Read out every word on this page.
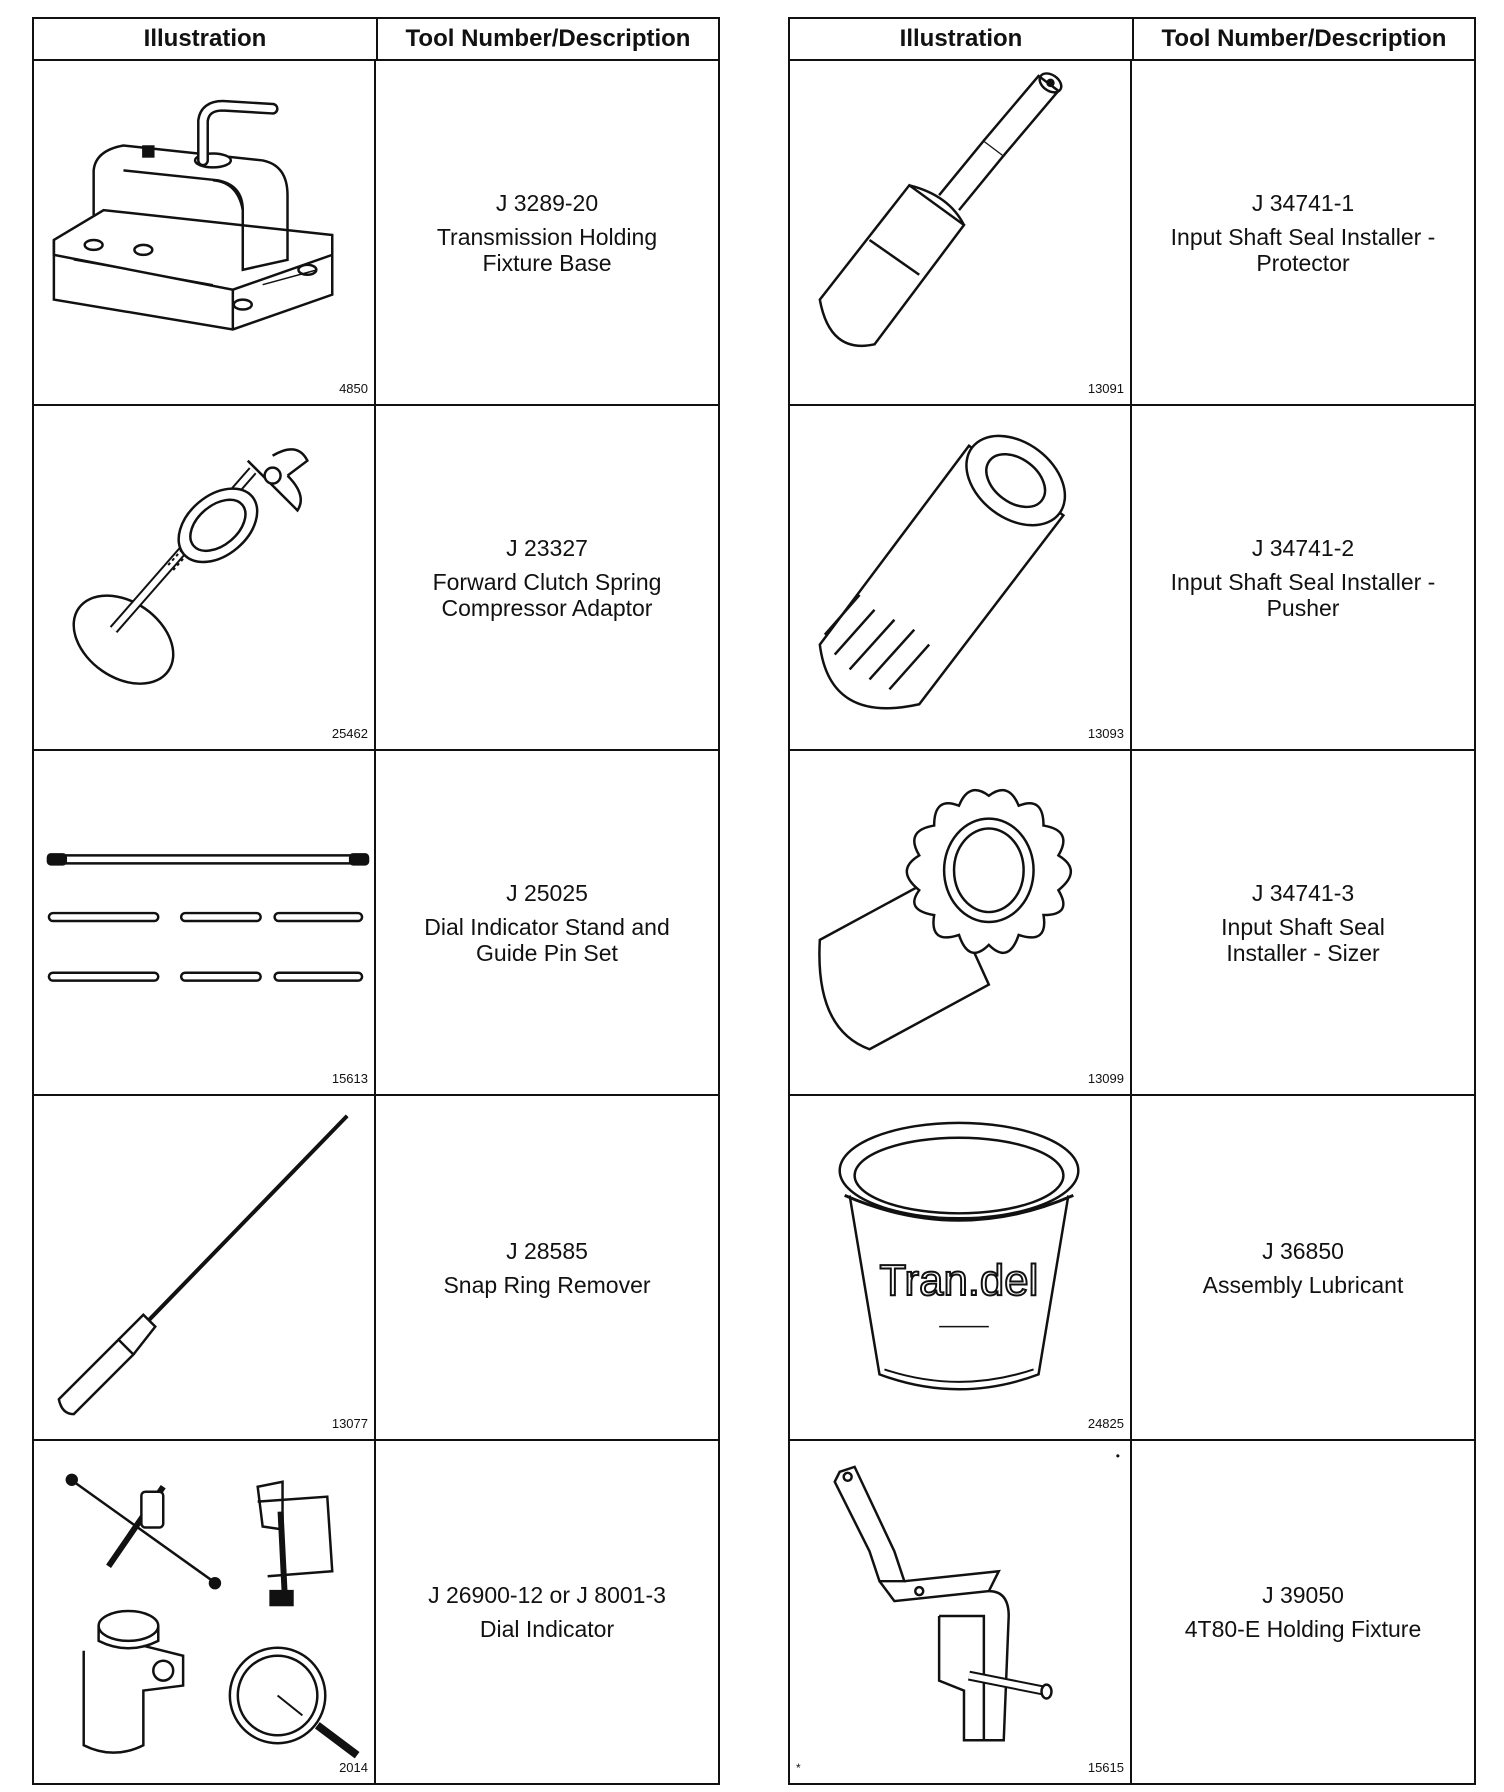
Illustration	Tool Number/Description
4850
J 3289-20
Transmission Holding
Fixture Base
25462
J 23327
Forward Clutch Spring
Compressor Adaptor
15613
J 25025
Dial Indicator Stand and
Guide Pin Set
13077
J 28585
Snap Ring Remover
2014
J 26900-12 or J 8001-3
Dial Indicator
Illustration	Tool Number/Description
13091
J 34741-1
Input Shaft Seal Installer -
Protector
13093
J 34741-2
Input Shaft Seal Installer -
Pusher
13099
J 34741-3
Input Shaft Seal
Installer - Sizer
Tran.del
24825
J 36850
Assembly Lubricant
*
•
15615
J 39050
4T80-E Holding Fixture
